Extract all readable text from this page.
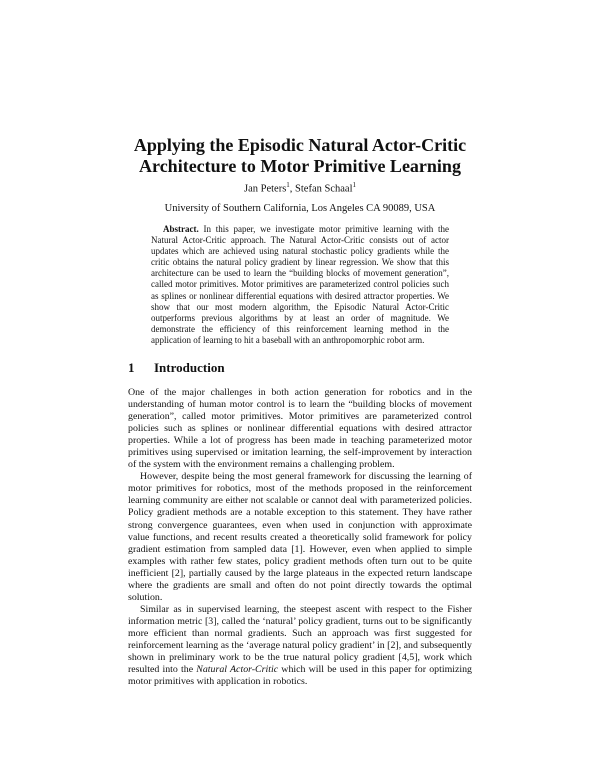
Applying the Episodic Natural Actor-Critic
Architecture to Motor Primitive Learning
Jan Peters$^1$, Stefan Schaal$^1$
University of Southern California, Los Angeles CA 90089, USA
Abstract. In this paper, we investigate motor primitive learning with the Natural Actor-Critic approach. The Natural Actor-Critic consists out of actor updates which are achieved using natural stochastic policy gradients while the critic obtains the natural policy gradient by linear regression. We show that this architecture can be used to learn the “building blocks of movement generation”, called motor primitives. Motor primitives are parameterized control policies such as splines or nonlinear differential equations with desired attractor properties. We show that our most modern algorithm, the Episodic Natural Actor-Critic outperforms previous algorithms by at least an order of magnitude. We demonstrate the efficiency of this reinforcement learning method in the application of learning to hit a baseball with an anthropomorphic robot arm.
1 Introduction

One of the major challenges in both action generation for robotics and in the understanding of human motor control is to learn the “building blocks of movement generation”, called motor primitives. Motor primitives are parameterized control policies such as splines or nonlinear differential equations with desired attractor properties. While a lot of progress has been made in teaching parameterized motor primitives using supervised or imitation learning, the self-improvement by interaction of the system with the environment remains a challenging problem.

However, despite being the most general framework for discussing the learning of motor primitives for robotics, most of the methods proposed in the reinforcement learning community are either not scalable or cannot deal with parameterized policies. Policy gradient methods are a notable exception to this statement. They have rather strong convergence guarantees, even when used in conjunction with approximate value functions, and recent results created a theoretically solid framework for policy gradient estimation from sampled data [1]. However, even when applied to simple examples with rather few states, policy gradient methods often turn out to be quite inefficient [2], partially caused by the large plateaus in the expected return landscape where the gradients are small and often do not point directly towards the optimal solution.

Similar as in supervised learning, the steepest ascent with respect to the Fisher information metric [3], called the ‘natural’ policy gradient, turns out to be significantly more efficient than normal gradients. Such an approach was first suggested for reinforcement learning as the ‘average natural policy gradient’ in [2], and subsequently shown in preliminary work to be the true natural policy gradient [4,5], work which resulted into the Natural Actor-Critic which will be used in this paper for optimizing motor primitives with application in robotics.
